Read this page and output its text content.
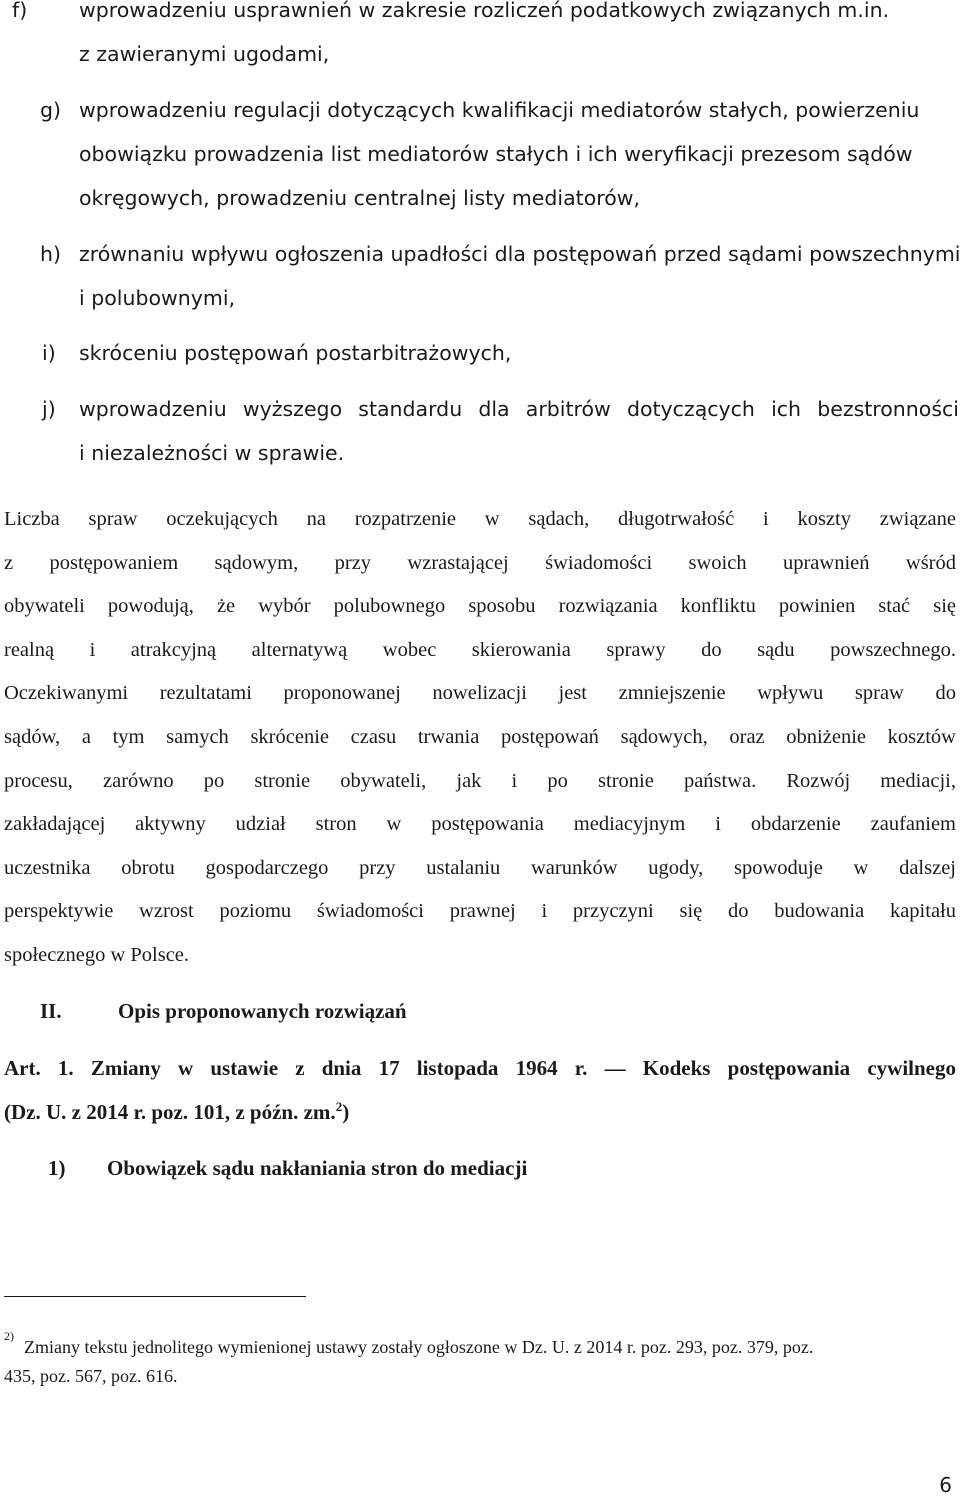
f)	wprowadzeniu usprawnień w zakresie rozliczeń podatkowych związanych m.in.
z zawieranymi ugodami,
g) wprowadzeniu regulacji dotyczących kwalifikacji mediatorów stałych, powierzeniu
obowiązku prowadzenia list mediatorów stałych i ich weryfikacji prezesom sądów
okręgowych, prowadzeniu centralnej listy mediatorów,
h) zrównaniu wpływu ogłoszenia upadłości dla postępowań przed sądami powszechnymi
i polubownymi,
i) skróceniu postępowań postarbitrażowych,
j) wprowadzeniu wyższego standardu dla arbitrów dotyczących ich bezstronności
i niezależności w sprawie.
Liczba spraw oczekujących na rozpatrzenie w sądach, długotrwałość i koszty związane
z postępowaniem sądowym, przy wzrastającej świadomości swoich uprawnień wśród
obywateli powodują, że wybór polubownego sposobu rozwiązania konfliktu powinien stać się
realną i atrakcyjną alternatywą wobec skierowania sprawy do sądu powszechnego.
Oczekiwanymi rezultatami proponowanej nowelizacji jest zmniejszenie wpływu spraw do
sądów, a tym samych skrócenie czasu trwania postępowań sądowych, oraz obniżenie kosztów
procesu, zarówno po stronie obywateli, jak i po stronie państwa. Rozwój mediacji,
zakładającej aktywny udział stron w postępowania mediacyjnym i obdarzenie zaufaniem
uczestnika obrotu gospodarczego przy ustalaniu warunków ugody, spowoduje w dalszej
perspektywie wzrost poziomu świadomości prawnej i przyczyni się do budowania kapitału
społecznego w Polsce.
II.	Opis proponowanych rozwiązań
Art. 1. Zmiany w ustawie z dnia 17 listopada 1964 r. — Kodeks postępowania cywilnego
(Dz. U. z 2014 r. poz. 101, z późn. zm.$^2$)
1) Obowiązek sądu nakłaniania stron do mediacji
2)
Zmiany tekstu jednolitego wymienionej ustawy zostały ogłoszone w Dz. U. z 2014 r. poz. 293, poz. 379, poz.
435, poz. 567, poz. 616.
6
